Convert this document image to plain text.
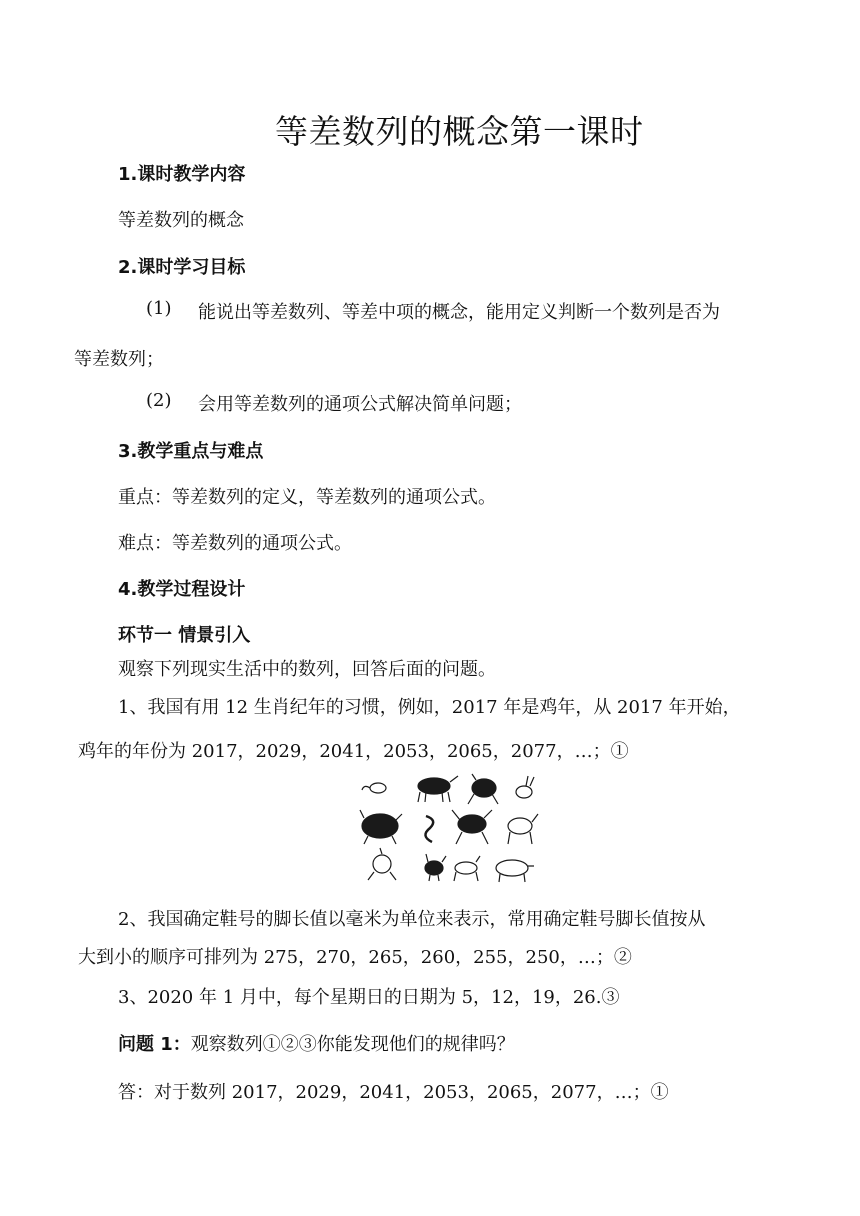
等差数列的概念第一课时
1.课时教学内容
等差数列的概念
2.课时学习目标
(1) 能说出等差数列、等差中项的概念，能用定义判断一个数列是否为
等差数列；
(2) 会用等差数列的通项公式解决简单问题；
3.教学重点与难点
重点：等差数列的定义，等差数列的通项公式。
难点：等差数列的通项公式。
4.教学过程设计
环节一 情景引入
观察下列现实生活中的数列，回答后面的问题。
1、我国有用 12 生肖纪年的习惯，例如，2017 年是鸡年，从 2017 年开始，
鸡年的年份为 2017，2029，2041，2053，2065，2077，…；①
2、我国确定鞋号的脚长值以毫米为单位来表示，常用确定鞋号脚长值按从
大到小的顺序可排列为 275，270，265，260，255，250，…；②
3、2020 年 1 月中，每个星期日的日期为 5，12，19，26.③
问题 1：观察数列①②③你能发现他们的规律吗？
答：对于数列 2017，2029，2041，2053，2065，2077，…；①
